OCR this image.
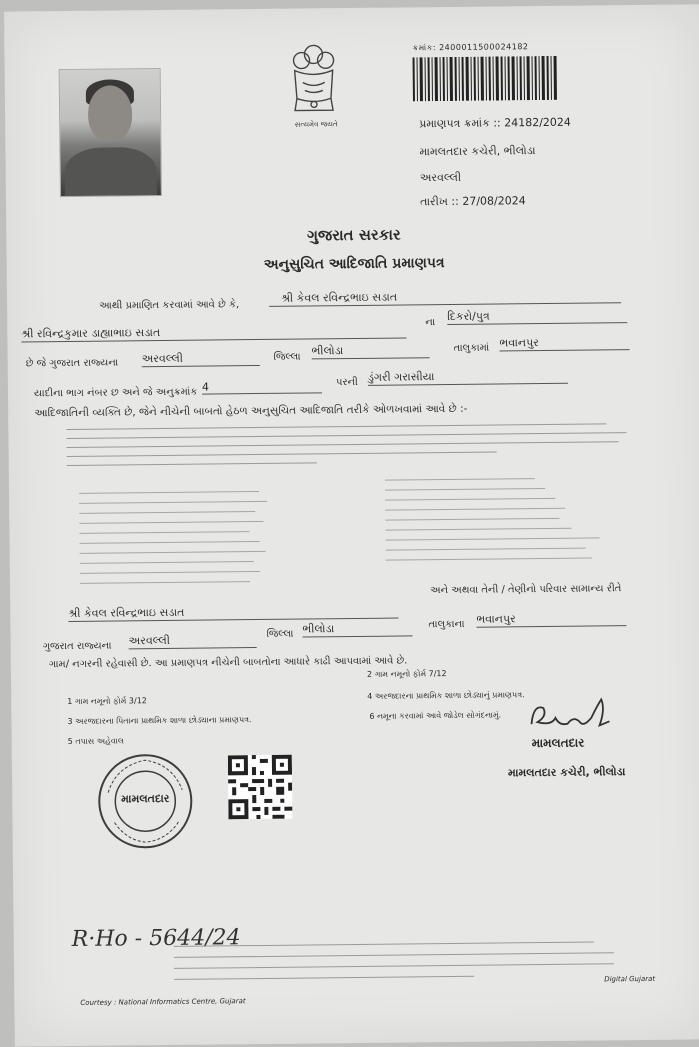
સત્યમેવ જયતે
ક્રમાંક: 2400011500024182
પ્રમાણપત્ર ક્રમાંક :: 24182/2024
મામલતદાર કચેરી, ભીલોડા
અરવલ્લી
તારીખ :: 27/08/2024
ગુજરાત સરકાર
અનુસુચિત આદિજાતિ પ્રમાણપત્ર
આથી પ્રમાણિત કરવામાં આવે છે કે,
શ્રી કેવલ રવિન્દ્રભાઇ સડાત
શ્રી રવિન્દ્રકુમાર ડાહ્યાભાઇ સડાત
ના દિકરો/પુત્ર
છે જે ગુજરાત રાજ્યના અરવલ્લી	જિલ્લા ભીલોડા	તાલુકામાં ભવાનપુર
યાદીના ભાગ નંબર છ અને જે અનુક્રમાંક 4	પરની ડુંગરી ગરાસીયા
આદિજાતિની વ્યક્તિ છે, જેને નીચેની બાબતો હેઠળ અનુસુચિત આદિજાતિ તરીકે ઓળખવામાં આવે છે :-
અને અથવા તેની / તેણીનો પરિવાર સામાન્ય રીતે
શ્રી કેવલ રવિન્દ્રભાઇ સડાત
ગુજરાત રાજ્યના અરવલ્લી	જિલ્લા ભીલોડા	તાલુકાના ભવાનપુર
ગામ/ નગરની રહેવાસી છે. આ પ્રમાણપત્ર નીચેની બાબતોના આધારે કાઢી આપવામાં આવે છે.
1 ગામ નમૂનો ફોર્મ 3/12
2 ગામ નમૂનો ફોર્મ 7/12
3 અરજદારના પિતાના પ્રાથમિક શાળા છોડ્યાના પ્રમાણપત્ર.
4 અરજદારના પ્રાથમિક શાળા છોડ્યાનું પ્રમાણપત્ર.
5 તપાસ અહેવાલ
6 નમૂના કરવામાં આવે જોડેલ સોગંદનામું.
મામલતદાર
મામલતદાર કચેરી, ભીલોડા
મામલતદાર
R·Ho - 5644/24
Digital Gujarat
Courtesy : National Informatics Centre, Gujarat
